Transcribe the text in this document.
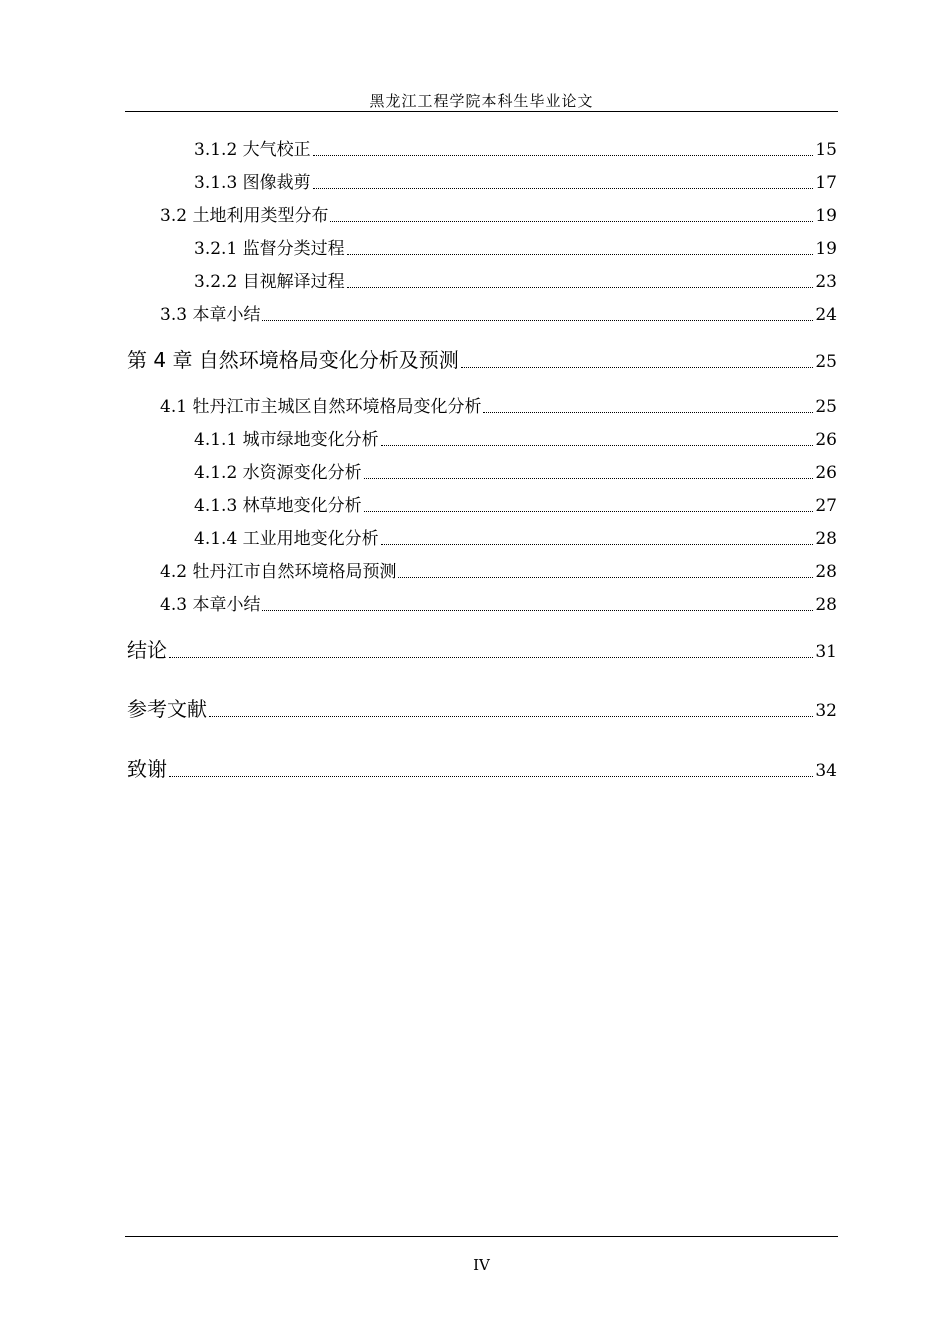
黑龙江工程学院本科生毕业论文
3.1.2 大气校正	15
3.1.3 图像裁剪	17
3.2 土地利用类型分布	19
3.2.1 监督分类过程	19
3.2.2 目视解译过程	23
3.3 本章小结	24
第 4 章 自然环境格局变化分析及预测	25
4.1 牡丹江市主城区自然环境格局变化分析	25
4.1.1 城市绿地变化分析	26
4.1.2 水资源变化分析	26
4.1.3 林草地变化分析	27
4.1.4 工业用地变化分析	28
4.2 牡丹江市自然环境格局预测	28
4.3 本章小结	28
结论	31
参考文献	32
致谢	34
IV
